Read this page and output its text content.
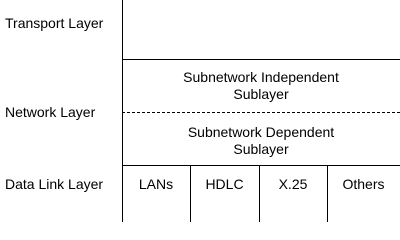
Transport Layer
Network Layer
Data Link Layer
Subnetwork Independent
Sublayer
Subnetwork Dependent
Sublayer
LANs	HDLC	X.25	Others
